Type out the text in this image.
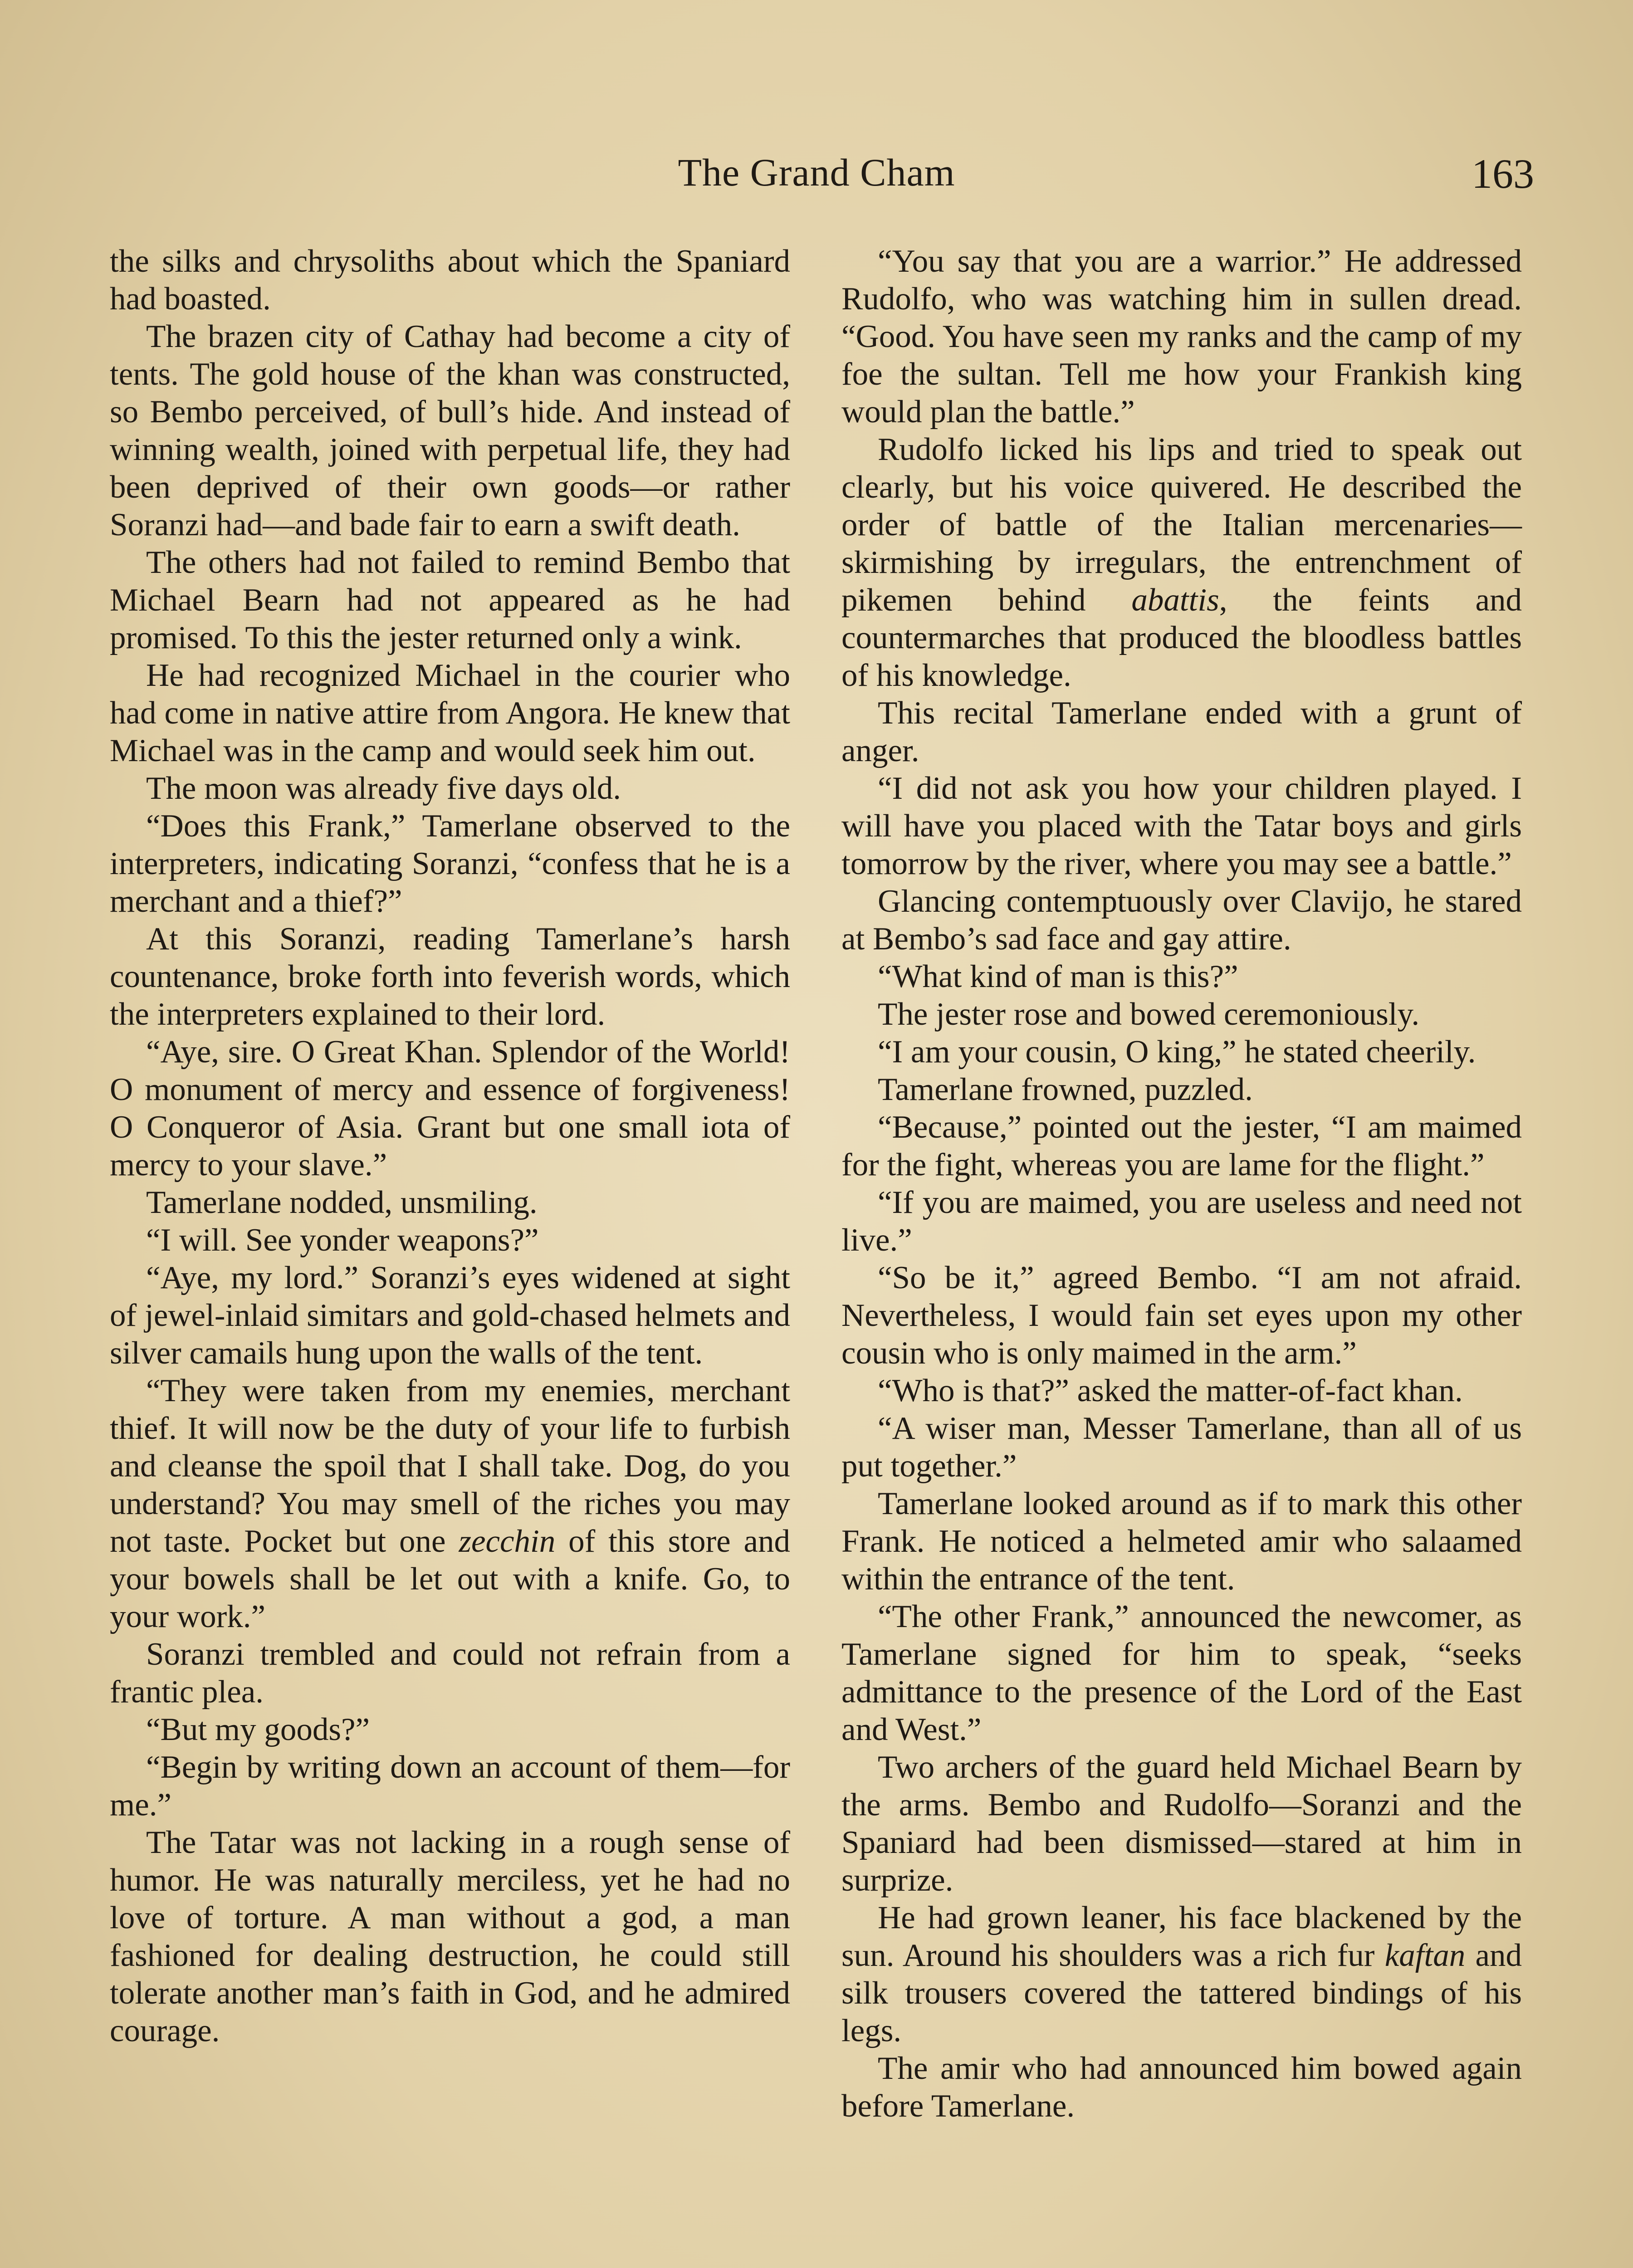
The Grand Cham	163

the silks and chrysoliths about which the Spaniard had boasted.

The brazen city of Cathay had become a city of tents. The gold house of the khan was constructed, so Bembo perceived, of bull’s hide. And instead of winning wealth, joined with perpetual life, they had been deprived of their own goods—or rather Soranzi had—and bade fair to earn a swift death.

The others had not failed to remind Bembo that Michael Bearn had not appeared as he had promised. To this the jester returned only a wink.

He had recognized Michael in the courier who had come in native attire from Angora. He knew that Michael was in the camp and would seek him out.

The moon was already five days old.

“Does this Frank,” Tamerlane observed to the interpreters, indicating Soranzi, “confess that he is a merchant and a thief?”

At this Soranzi, reading Tamerlane’s harsh countenance, broke forth into feverish words, which the interpreters explained to their lord.

“Aye, sire. O Great Khan. Splendor of the World! O monument of mercy and essence of forgiveness! O Conqueror of Asia. Grant but one small iota of mercy to your slave.”

Tamerlane nodded, unsmiling.

“I will. See yonder weapons?”

“Aye, my lord.” Soranzi’s eyes widened at sight of jewel-inlaid simitars and gold-chased helmets and silver camails hung upon the walls of the tent.

“They were taken from my enemies, merchant thief. It will now be the duty of your life to furbish and cleanse the spoil that I shall take. Dog, do you understand? You may smell of the riches you may not taste. Pocket but one zecchin of this store and your bowels shall be let out with a knife. Go, to your work.”

Soranzi trembled and could not refrain from a frantic plea.

“But my goods?”

“Begin by writing down an account of them—for me.”

The Tatar was not lacking in a rough sense of humor. He was naturally merciless, yet he had no love of torture. A man without a god, a man fashioned for dealing destruction, he could still tolerate another man’s faith in God, and he admired courage.

“You say that you are a warrior.” He addressed Rudolfo, who was watching him in sullen dread. “Good. You have seen my ranks and the camp of my foe the sultan. Tell me how your Frankish king would plan the battle.”

Rudolfo licked his lips and tried to speak out clearly, but his voice quivered. He described the order of battle of the Italian mercenaries—skirmishing by irregulars, the entrenchment of pikemen behind abattis, the feints and countermarches that produced the bloodless battles of his knowledge.

This recital Tamerlane ended with a grunt of anger.

“I did not ask you how your children played. I will have you placed with the Tatar boys and girls tomorrow by the river, where you may see a battle.”

Glancing contemptuously over Clavijo, he stared at Bembo’s sad face and gay attire.

“What kind of man is this?”

The jester rose and bowed ceremoniously.

“I am your cousin, O king,” he stated cheerily.

Tamerlane frowned, puzzled.

“Because,” pointed out the jester, “I am maimed for the fight, whereas you are lame for the flight.”

“If you are maimed, you are useless and need not live.”

“So be it,” agreed Bembo. “I am not afraid. Nevertheless, I would fain set eyes upon my other cousin who is only maimed in the arm.”

“Who is that?” asked the matter-of-fact khan.

“A wiser man, Messer Tamerlane, than all of us put together.”

Tamerlane looked around as if to mark this other Frank. He noticed a helmeted amir who salaamed within the entrance of the tent.

“The other Frank,” announced the newcomer, as Tamerlane signed for him to speak, “seeks admittance to the presence of the Lord of the East and West.”

Two archers of the guard held Michael Bearn by the arms. Bembo and Rudolfo—Soranzi and the Spaniard had been dismissed—stared at him in surprize.

He had grown leaner, his face blackened by the sun. Around his shoulders was a rich fur kaftan and silk trousers covered the tattered bindings of his legs.

The amir who had announced him bowed again before Tamerlane.
